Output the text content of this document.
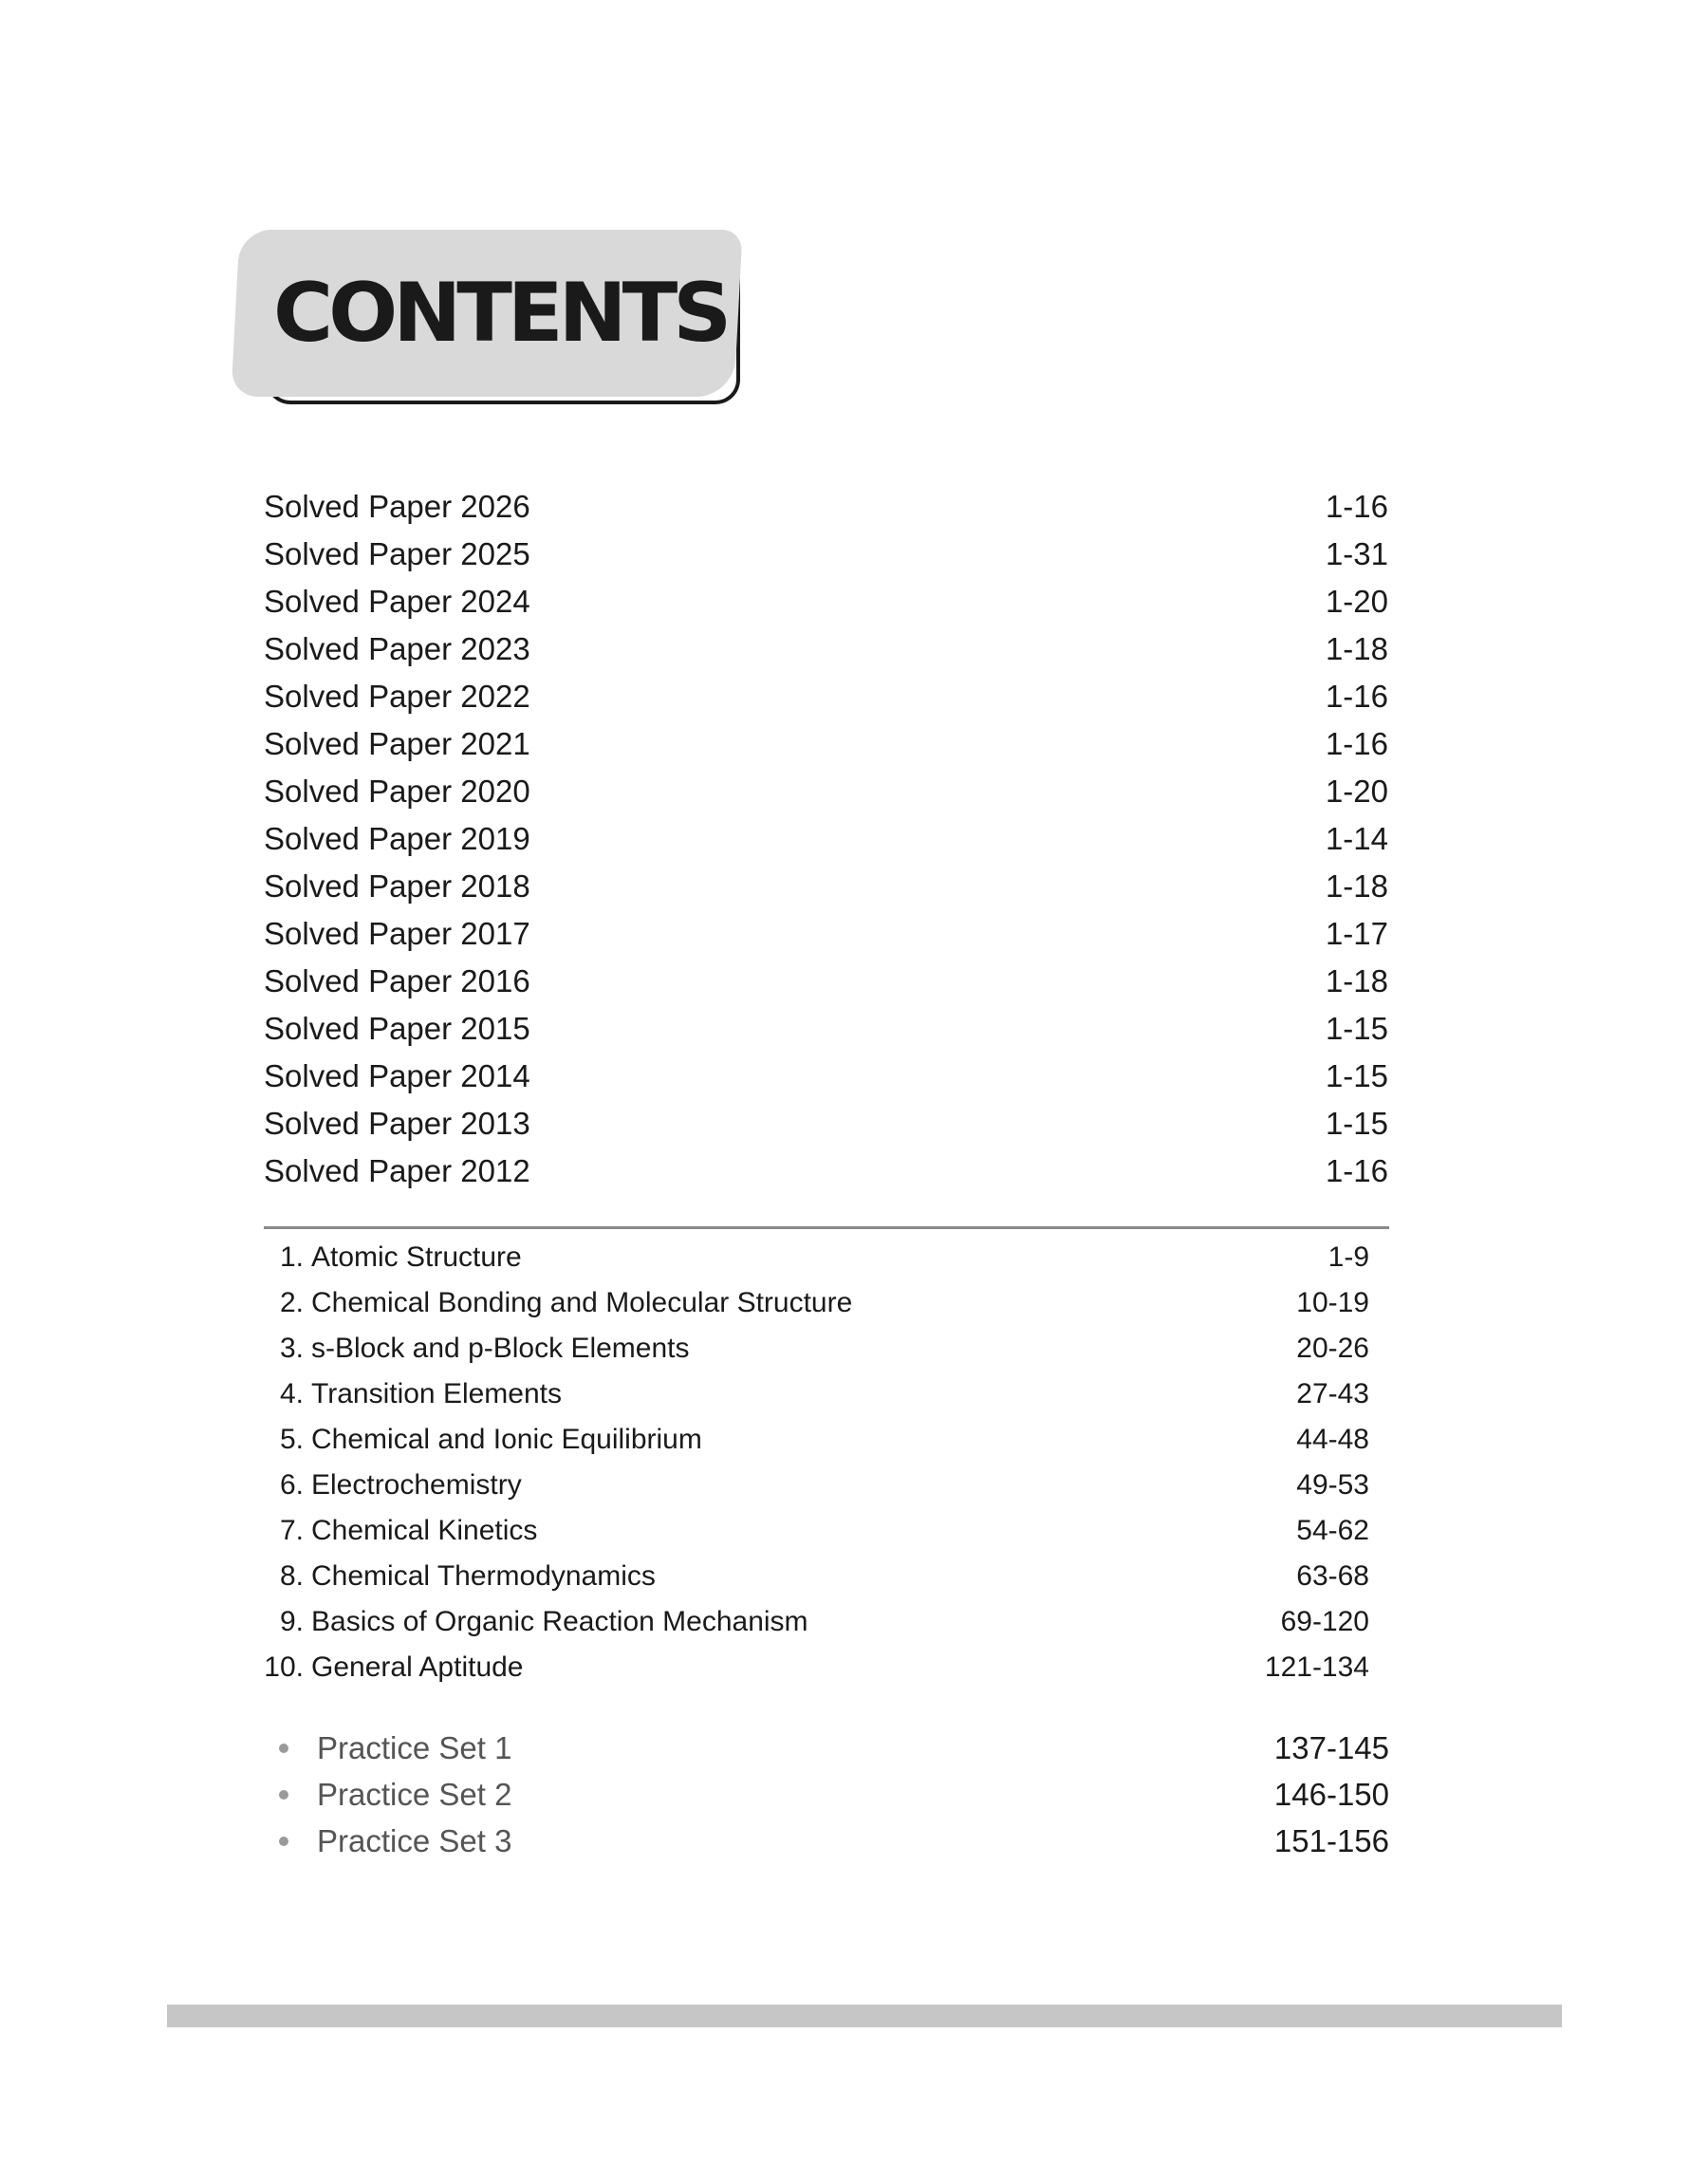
CONTENTS
Solved Paper 2026	1-16
Solved Paper 2025	1-31
Solved Paper 2024	1-20
Solved Paper 2023	1-18
Solved Paper 2022	1-16
Solved Paper 2021	1-16
Solved Paper 2020	1-20
Solved Paper 2019	1-14
Solved Paper 2018	1-18
Solved Paper 2017	1-17
Solved Paper 2016	1-18
Solved Paper 2015	1-15
Solved Paper 2014	1-15
Solved Paper 2013	1-15
Solved Paper 2012	1-16
1. Atomic Structure	1-9
2. Chemical Bonding and Molecular Structure	10-19
3. s-Block and p-Block Elements	20-26
4. Transition Elements	27-43
5. Chemical and Ionic Equilibrium	44-48
6. Electrochemistry	49-53
7. Chemical Kinetics	54-62
8. Chemical Thermodynamics	63-68
9. Basics of Organic Reaction Mechanism	69-120
10. General Aptitude	121-134
Practice Set 1	137-145
Practice Set 2	146-150
Practice Set 3	151-156
